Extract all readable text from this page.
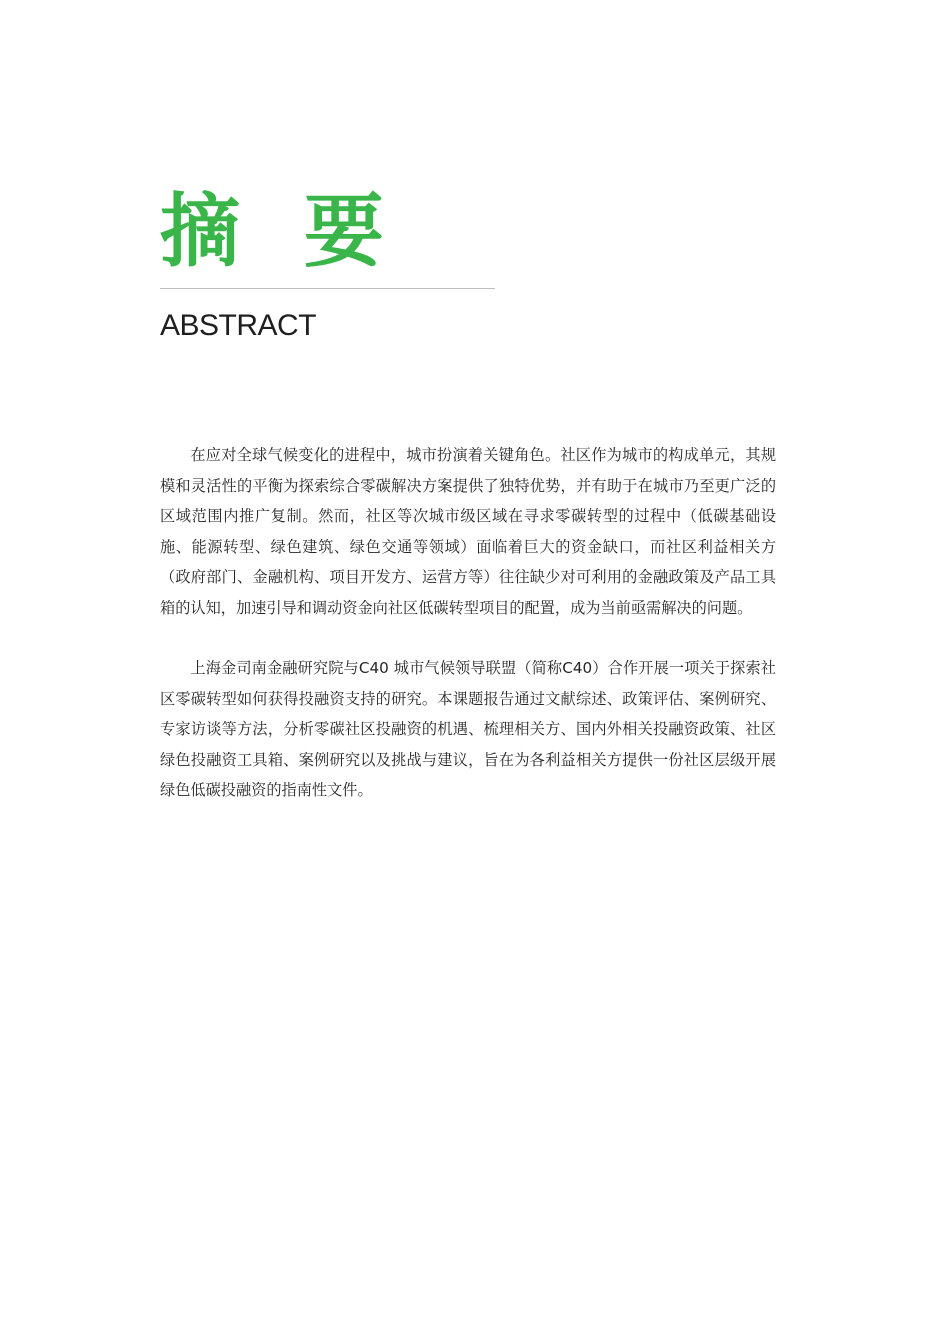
摘 要
ABSTRACT

在应对全球气候变化的进程中，城市扮演着关键角色。社区作为城市的构成单元，其规模和灵活性的平衡为探索综合零碳解决方案提供了独特优势，并有助于在城市乃至更广泛的区域范围内推广复制。然而，社区等次城市级区域在寻求零碳转型的过程中（低碳基础设施、能源转型、绿色建筑、绿色交通等领域）面临着巨大的资金缺口，而社区利益相关方（政府部门、金融机构、项目开发方、运营方等）往往缺少对可利用的金融政策及产品工具箱的认知，加速引导和调动资金向社区低碳转型项目的配置，成为当前亟需解决的问题。

上海金司南金融研究院与C40 城市气候领导联盟（简称C40）合作开展一项关于探索社区零碳转型如何获得投融资支持的研究。本课题报告通过文献综述、政策评估、案例研究、专家访谈等方法，分析零碳社区投融资的机遇、梳理相关方、国内外相关投融资政策、社区绿色投融资工具箱、案例研究以及挑战与建议，旨在为各利益相关方提供一份社区层级开展绿色低碳投融资的指南性文件。
